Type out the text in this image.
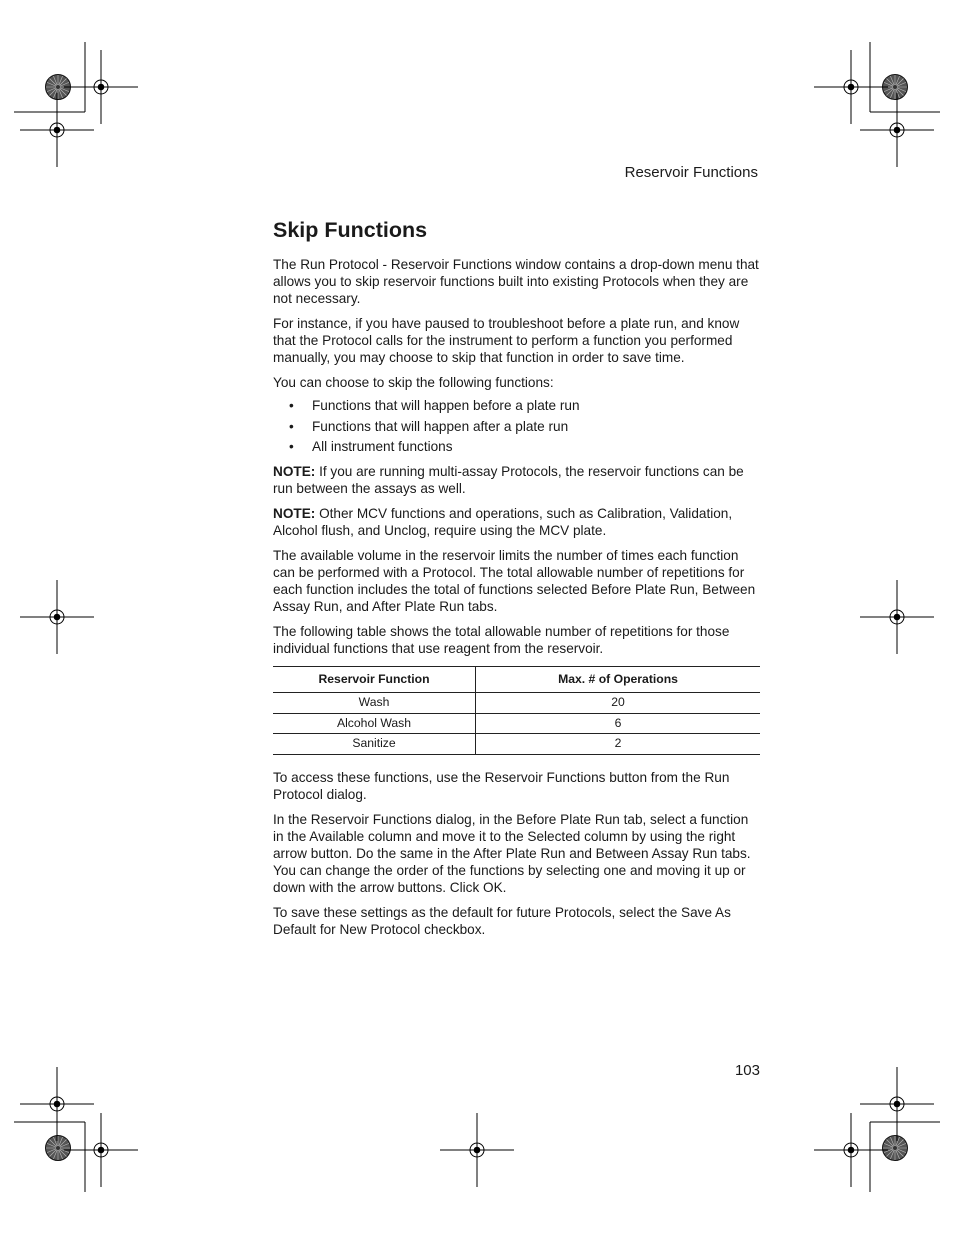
Reservoir Functions
Skip Functions

The Run Protocol - Reservoir Functions window contains a drop-down menu that allows you to skip reservoir functions built into existing Protocols when they are not necessary.

For instance, if you have paused to troubleshoot before a plate run, and know that the Protocol calls for the instrument to perform a function you performed manually, you may choose to skip that function in order to save time.

You can choose to skip the following functions:

• Functions that will happen before a plate run
• Functions that will happen after a plate run
• All instrument functions

NOTE: If you are running multi-assay Protocols, the reservoir functions can be run between the assays as well.

NOTE: Other MCV functions and operations, such as Calibration, Validation, Alcohol flush, and Unclog, require using the MCV plate.

The available volume in the reservoir limits the number of times each function can be performed with a Protocol. The total allowable number of repetitions for each function includes the total of functions selected Before Plate Run, Between Assay Run, and After Plate Run tabs.

The following table shows the total allowable number of repetitions for those individual functions that use reagent from the reservoir.

Reservoir Function	Max. # of Operations
Wash	20
Alcohol Wash	6
Sanitize	2

To access these functions, use the Reservoir Functions button from the Run Protocol dialog.

In the Reservoir Functions dialog, in the Before Plate Run tab, select a function in the Available column and move it to the Selected column by using the right arrow button. Do the same in the After Plate Run and Between Assay Run tabs. You can change the order of the functions by selecting one and moving it up or down with the arrow buttons. Click OK.

To save these settings as the default for future Protocols, select the Save As Default for New Protocol checkbox.

103
